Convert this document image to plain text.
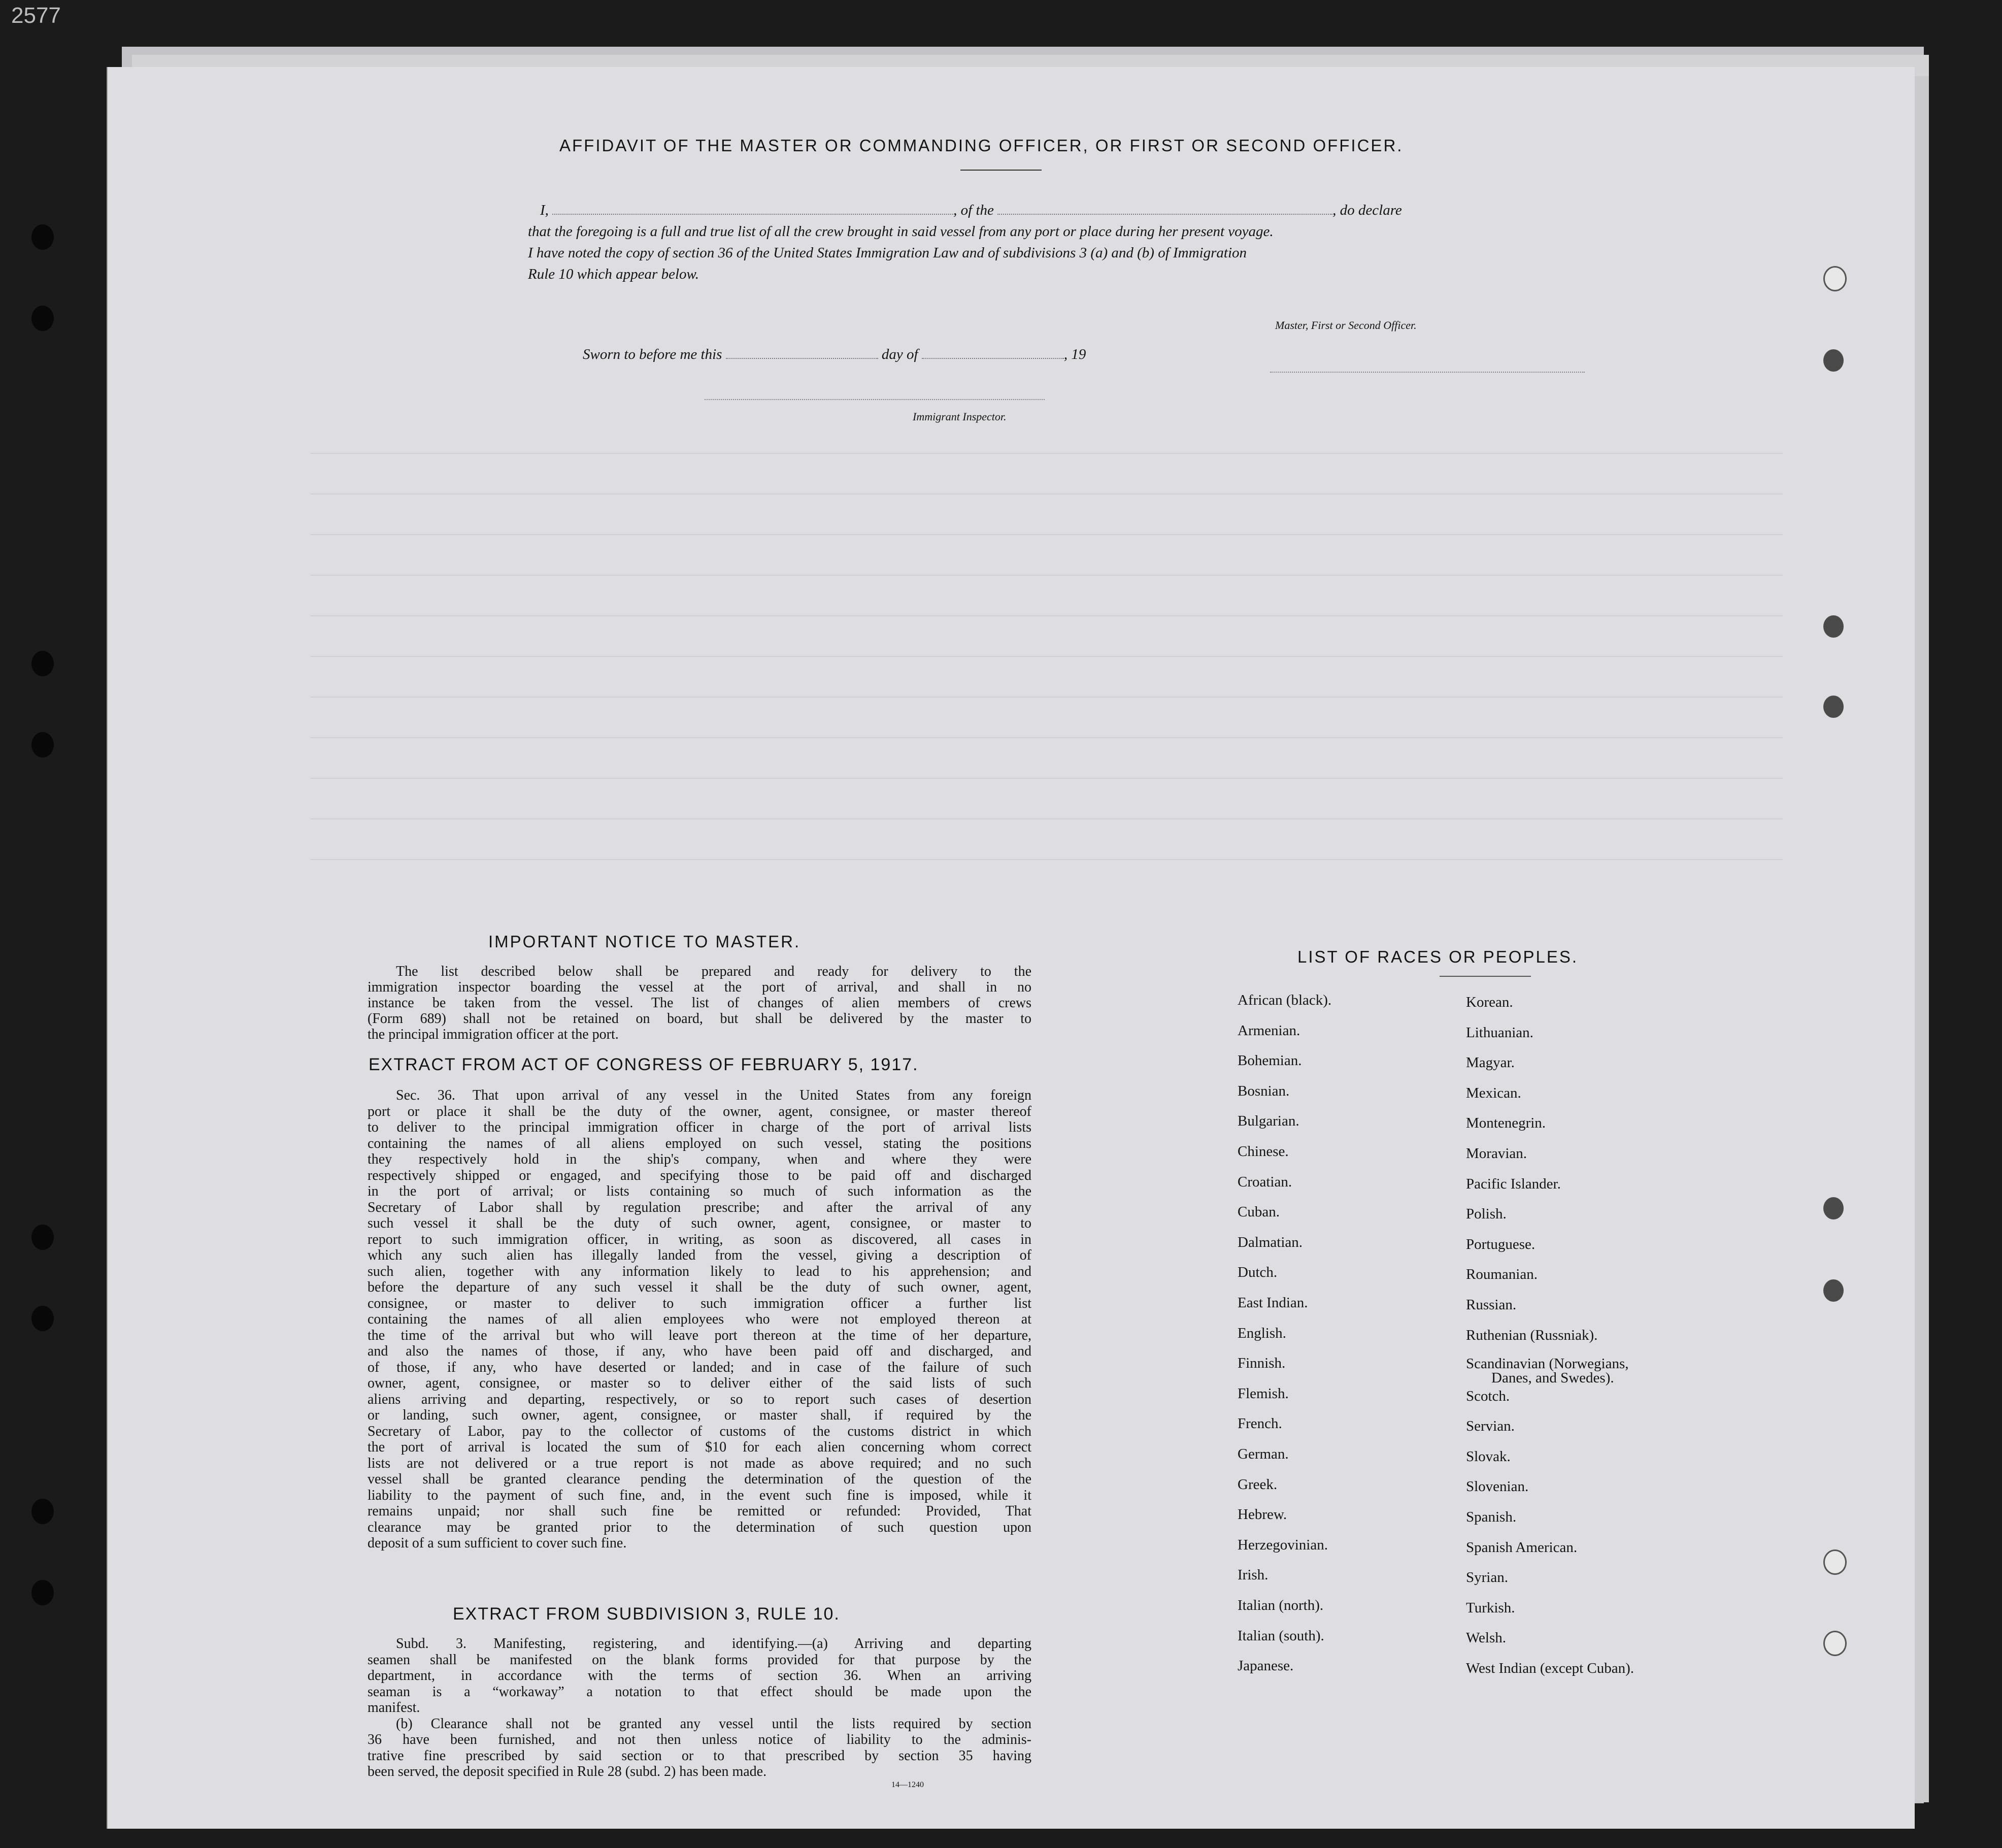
2577
AFFIDAVIT OF THE MASTER OR COMMANDING OFFICER, OR FIRST OR SECOND OFFICER.
I,	, of the	, do declare
that the foregoing is a full and true list of all the crew brought in said vessel from any port or place during her present voyage.
I have noted the copy of section 36 of the United States Immigration Law and of subdivisions 3 (a) and (b) of Immigration
Rule 10 which appear below.
Master, First or Second Officer.
Sworn to before me this	day of	, 19
Immigrant Inspector.
IMPORTANT NOTICE TO MASTER.
The list described below shall be prepared and ready for delivery to the
immigration inspector boarding the vessel at the port of arrival, and shall in no
instance be taken from the vessel. The list of changes of alien members of crews
(Form 689) shall not be retained on board, but shall be delivered by the master to
the principal immigration officer at the port.
EXTRACT FROM ACT OF CONGRESS OF FEBRUARY 5, 1917.
Sec. 36. That upon arrival of any vessel in the United States from any foreign
port or place it shall be the duty of the owner, agent, consignee, or master thereof
to deliver to the principal immigration officer in charge of the port of arrival lists
containing the names of all aliens employed on such vessel, stating the positions
they respectively hold in the ship's company, when and where they were
respectively shipped or engaged, and specifying those to be paid off and discharged
in the port of arrival; or lists containing so much of such information as the
Secretary of Labor shall by regulation prescribe; and after the arrival of any
such vessel it shall be the duty of such owner, agent, consignee, or master to
report to such immigration officer, in writing, as soon as discovered, all cases in
which any such alien has illegally landed from the vessel, giving a description of
such alien, together with any information likely to lead to his apprehension; and
before the departure of any such vessel it shall be the duty of such owner, agent,
consignee, or master to deliver to such immigration officer a further list
containing the names of all alien employees who were not employed thereon at
the time of the arrival but who will leave port thereon at the time of her departure,
and also the names of those, if any, who have been paid off and discharged, and
of those, if any, who have deserted or landed; and in case of the failure of such
owner, agent, consignee, or master so to deliver either of the said lists of such
aliens arriving and departing, respectively, or so to report such cases of desertion
or landing, such owner, agent, consignee, or master shall, if required by the
Secretary of Labor, pay to the collector of customs of the customs district in which
the port of arrival is located the sum of $10 for each alien concerning whom correct
lists are not delivered or a true report is not made as above required; and no such
vessel shall be granted clearance pending the determination of the question of the
liability to the payment of such fine, and, in the event such fine is imposed, while it
remains unpaid; nor shall such fine be remitted or refunded: Provided, That
clearance may be granted prior to the determination of such question upon
deposit of a sum sufficient to cover such fine.
EXTRACT FROM SUBDIVISION 3, RULE 10.
Subd. 3. Manifesting, registering, and identifying.—(a) Arriving and departing
seamen shall be manifested on the blank forms provided for that purpose by the
department, in accordance with the terms of section 36. When an arriving
seaman is a “workaway” a notation to that effect should be made upon the
manifest.
(b) Clearance shall not be granted any vessel until the lists required by section
36 have been furnished, and not then unless notice of liability to the adminis-
trative fine prescribed by said section or to that prescribed by section 35 having
been served, the deposit specified in Rule 28 (subd. 2) has been made.
14—1240
LIST OF RACES OR PEOPLES.
African (black).
Armenian.
Bohemian.
Bosnian.
Bulgarian.
Chinese.
Croatian.
Cuban.
Dalmatian.
Dutch.
East Indian.
English.
Finnish.
Flemish.
French.
German.
Greek.
Hebrew.
Herzegovinian.
Irish.
Italian (north).
Italian (south).
Japanese.
Korean.
Lithuanian.
Magyar.
Mexican.
Montenegrin.
Moravian.
Pacific Islander.
Polish.
Portuguese.
Roumanian.
Russian.
Ruthenian (Russniak).
Scandinavian (Norwegians,
Danes, and Swedes).
Scotch.
Servian.
Slovak.
Slovenian.
Spanish.
Spanish American.
Syrian.
Turkish.
Welsh.
West Indian (except Cuban).
